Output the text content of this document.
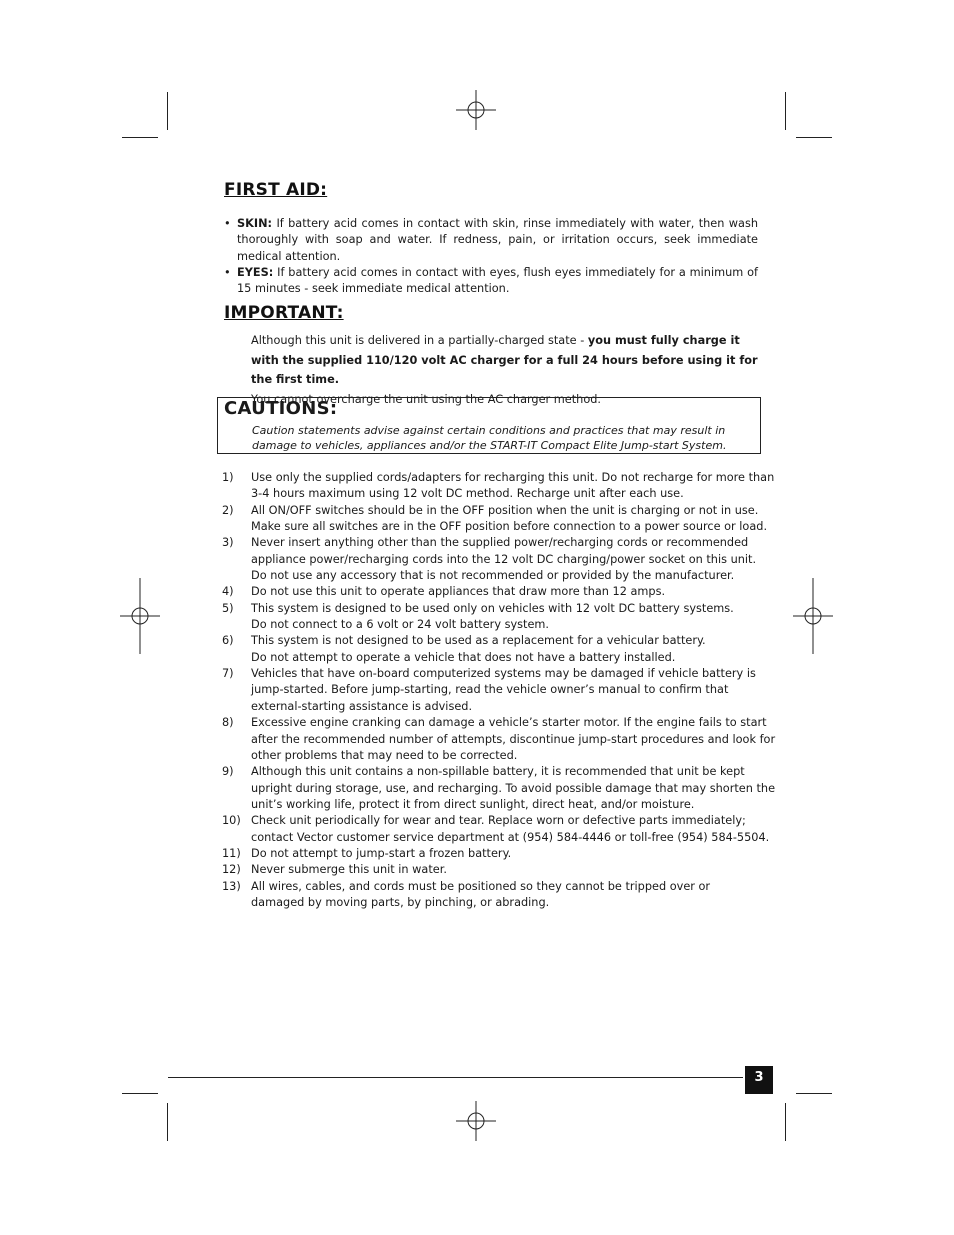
FIRST AID:
• SKIN: If battery acid comes in contact with skin, rinse immediately with water, then wash thoroughly with soap and water. If redness, pain, or irritation occurs, seek immediate medical attention.
• EYES: If battery acid comes in contact with eyes, flush eyes immediately for a minimum of 15 minutes - seek immediate medical attention.
IMPORTANT:

Although this unit is delivered in a partially-charged state - you must fully charge it with the supplied 110/120 volt AC charger for a full 24 hours before using it for the first time.
You cannot overcharge the unit using the AC charger method.

CAUTIONS:

Caution statements advise against certain conditions and practices that may result in
damage to vehicles, appliances and/or the START-IT Compact Elite Jump-start System.

1) Use only the supplied cords/adapters for recharging this unit. Do not recharge for more than
3-4 hours maximum using 12 volt DC method. Recharge unit after each use.
2) All ON/OFF switches should be in the OFF position when the unit is charging or not in use.
Make sure all switches are in the OFF position before connection to a power source or load.
3) Never insert anything other than the supplied power/recharging cords or recommended
appliance power/recharging cords into the 12 volt DC charging/power socket on this unit.
Do not use any accessory that is not recommended or provided by the manufacturer.
4) Do not use this unit to operate appliances that draw more than 12 amps.
5) This system is designed to be used only on vehicles with 12 volt DC battery systems.
Do not connect to a 6 volt or 24 volt battery system.
6) This system is not designed to be used as a replacement for a vehicular battery.
Do not attempt to operate a vehicle that does not have a battery installed.
7) Vehicles that have on-board computerized systems may be damaged if vehicle battery is
jump-started. Before jump-starting, read the vehicle owner’s manual to confirm that
external-starting assistance is advised.
8) Excessive engine cranking can damage a vehicle’s starter motor. If the engine fails to start
after the recommended number of attempts, discontinue jump-start procedures and look for
other problems that may need to be corrected.
9) Although this unit contains a non-spillable battery, it is recommended that unit be kept
upright during storage, use, and recharging. To avoid possible damage that may shorten the
unit’s working life, protect it from direct sunlight, direct heat, and/or moisture.
10) Check unit periodically for wear and tear. Replace worn or defective parts immediately;
contact Vector customer service department at (954) 584-4446 or toll-free (954) 584-5504.
11) Do not attempt to jump-start a frozen battery.
12) Never submerge this unit in water.
13) All wires, cables, and cords must be positioned so they cannot be tripped over or
damaged by moving parts, by pinching, or abrading.
3
